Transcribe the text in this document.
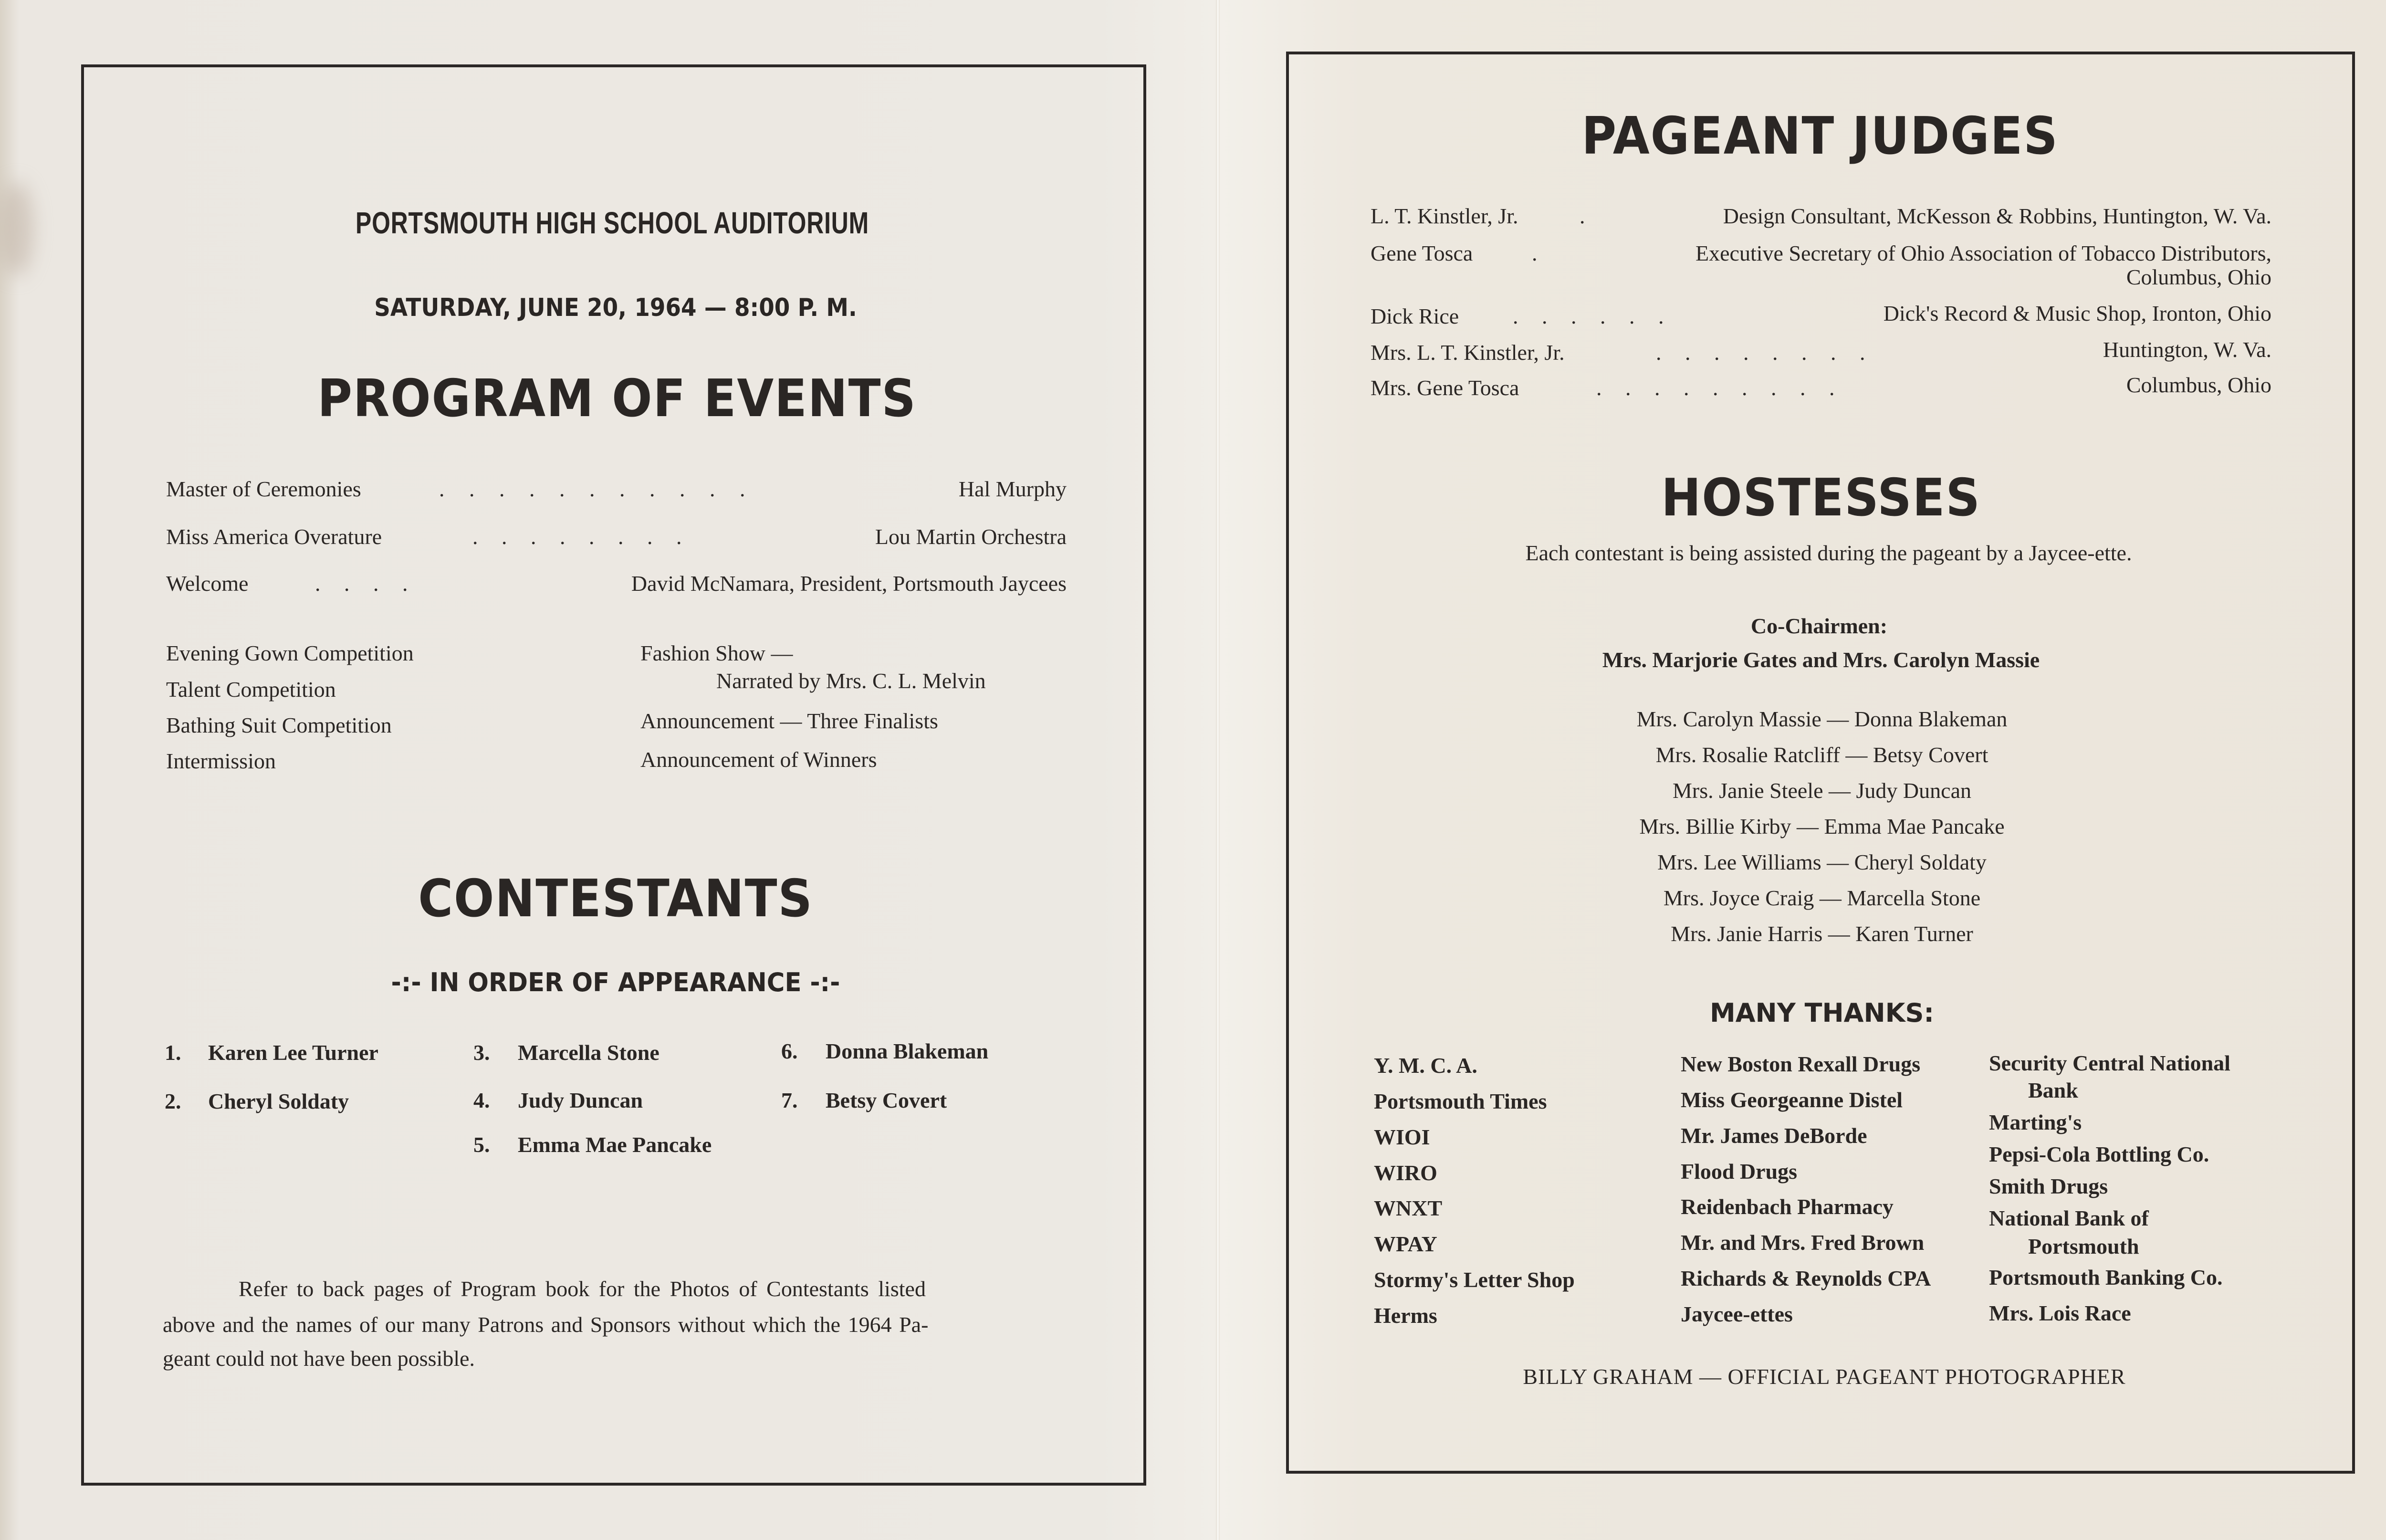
PORTSMOUTH HIGH SCHOOL AUDITORIUM
SATURDAY, JUNE 20, 1964 — 8:00 P. M.
PROGRAM OF EVENTS
Master of Ceremonies	. . . . . . . . . . .	Hal Murphy
Miss America Overature	. . . . . . . .	Lou Martin Orchestra
Welcome	. . . .	David McNamara, President, Portsmouth Jaycees
Evening Gown Competition
Talent Competition
Bathing Suit Competition
Intermission
Fashion Show —
Narrated by Mrs. C. L. Melvin
Announcement — Three Finalists
Announcement of Winners
CONTESTANTS
-:- IN ORDER OF APPEARANCE -:-
1. Karen Lee Turner
2. Cheryl Soldaty
3. Marcella Stone
4. Judy Duncan
5. Emma Mae Pancake
6. Donna Blakeman
7. Betsy Covert
Refer to back pages of Program book for the Photos of Contestants listed
above and the names of our many Patrons and Sponsors without which the 1964 Pa-
geant could not have been possible.
PAGEANT JUDGES
L. T. Kinstler, Jr.	.	Design Consultant, McKesson & Robbins, Huntington, W. Va.
Gene Tosca	.	Executive Secretary of Ohio Association of Tobacco Distributors,
Columbus, Ohio
Dick Rice . . . . . .	Dick's Record & Music Shop, Ironton, Ohio
Mrs. L. T. Kinstler, Jr.	. . . . . . . .	Huntington, W. Va.
Mrs. Gene Tosca	. . . . . . . . .	Columbus, Ohio
HOSTESSES
Each contestant is being assisted during the pageant by a Jaycee-ette.
Co-Chairmen:
Mrs. Marjorie Gates and Mrs. Carolyn Massie
Mrs. Carolyn Massie — Donna Blakeman
Mrs. Rosalie Ratcliff — Betsy Covert
Mrs. Janie Steele — Judy Duncan
Mrs. Billie Kirby — Emma Mae Pancake
Mrs. Lee Williams — Cheryl Soldaty
Mrs. Joyce Craig — Marcella Stone
Mrs. Janie Harris — Karen Turner
MANY THANKS:
Y. M. C. A.
Portsmouth Times
WIOI
WIRO
WNXT
WPAY
Stormy's Letter Shop
Herms
New Boston Rexall Drugs
Miss Georgeanne Distel
Mr. James DeBorde
Flood Drugs
Reidenbach Pharmacy
Mr. and Mrs. Fred Brown
Richards & Reynolds CPA
Jaycee-ettes
Security Central National
Bank
Marting's
Pepsi-Cola Bottling Co.
Smith Drugs
National Bank of
Portsmouth
Portsmouth Banking Co.
Mrs. Lois Race
BILLY GRAHAM — OFFICIAL PAGEANT PHOTOGRAPHER
